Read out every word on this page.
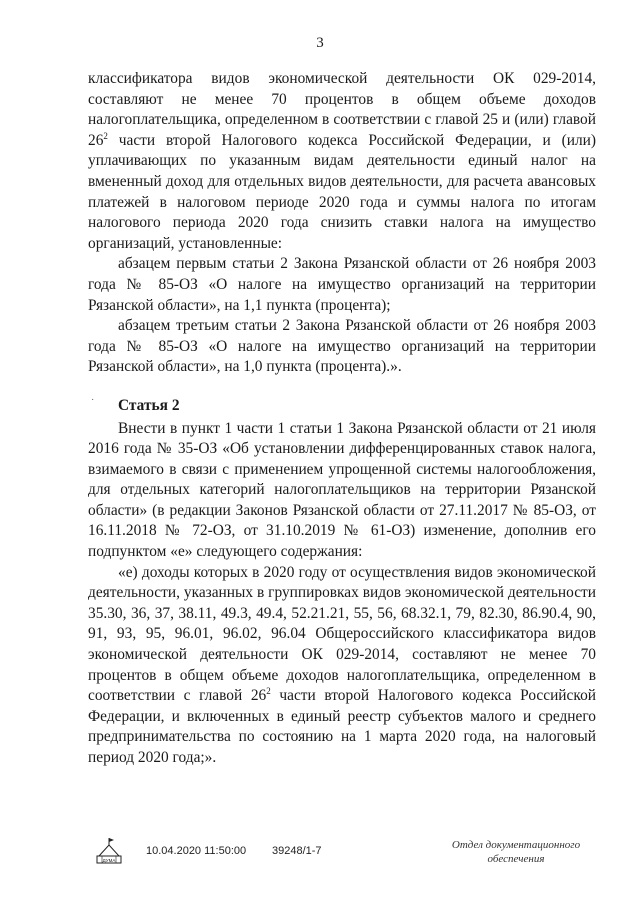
3
˙

классификатора видов экономической деятельности ОК 029-2014, составляют не менее 70 процентов в общем объеме доходов налогоплательщика, определенном в соответствии с главой 25 и (или) главой $26^2$ части второй Налогового кодекса Российской Федерации, и (или) уплачивающих по указанным видам деятельности единый налог на вмененный доход для отдельных видов деятельности, для расчета авансовых платежей в налоговом периоде 2020 года и суммы налога по итогам налогового периода 2020 года снизить ставки налога на имущество организаций, установленные:

абзацем первым статьи 2 Закона Рязанской области от 26 ноября 2003 года № 85-ОЗ «О налоге на имущество организаций на территории Рязанской области», на 1,1 пункта (процента);

абзацем третьим статьи 2 Закона Рязанской области от 26 ноября 2003 года № 85-ОЗ «О налоге на имущество организаций на территории Рязанской области», на 1,0 пункта (процента).».

Статья 2

Внести в пункт 1 части 1 статьи 1 Закона Рязанской области от 21 июля 2016 года № 35-ОЗ «Об установлении дифференцированных ставок налога, взимаемого в связи с применением упрощенной системы налогообложения, для отдельных категорий налогоплательщиков на территории Рязанской области» (в редакции Законов Рязанской области от 27.11.2017 № 85-ОЗ, от 16.11.2018 № 72-ОЗ, от 31.10.2019 № 61-ОЗ) изменение, дополнив его подпунктом «е» следующего содержания:

«е) доходы которых в 2020 году от осуществления видов экономической деятельности, указанных в группировках видов экономической деятельности 35.30, 36, 37, 38.11, 49.3, 49.4, 52.21.21, 55, 56, 68.32.1, 79, 82.30, 86.90.4, 90, 91, 93, 95, 96.01, 96.02, 96.04 Общероссийского классификатора видов экономической деятельности ОК 029-2014, составляют не менее 70 процентов в общем объеме доходов налогоплательщика, определенном в соответствии с главой $26^2$ части второй Налогового кодекса Российской Федерации, и включенных в единый реестр субъектов малого и среднего предпринимательства по состоянию на 1 марта 2020 года, на налоговый период 2020 года;».

ДУМА
10.04.2020 11:50:00 39248/1-7	Отдел документационного
обеспечения
